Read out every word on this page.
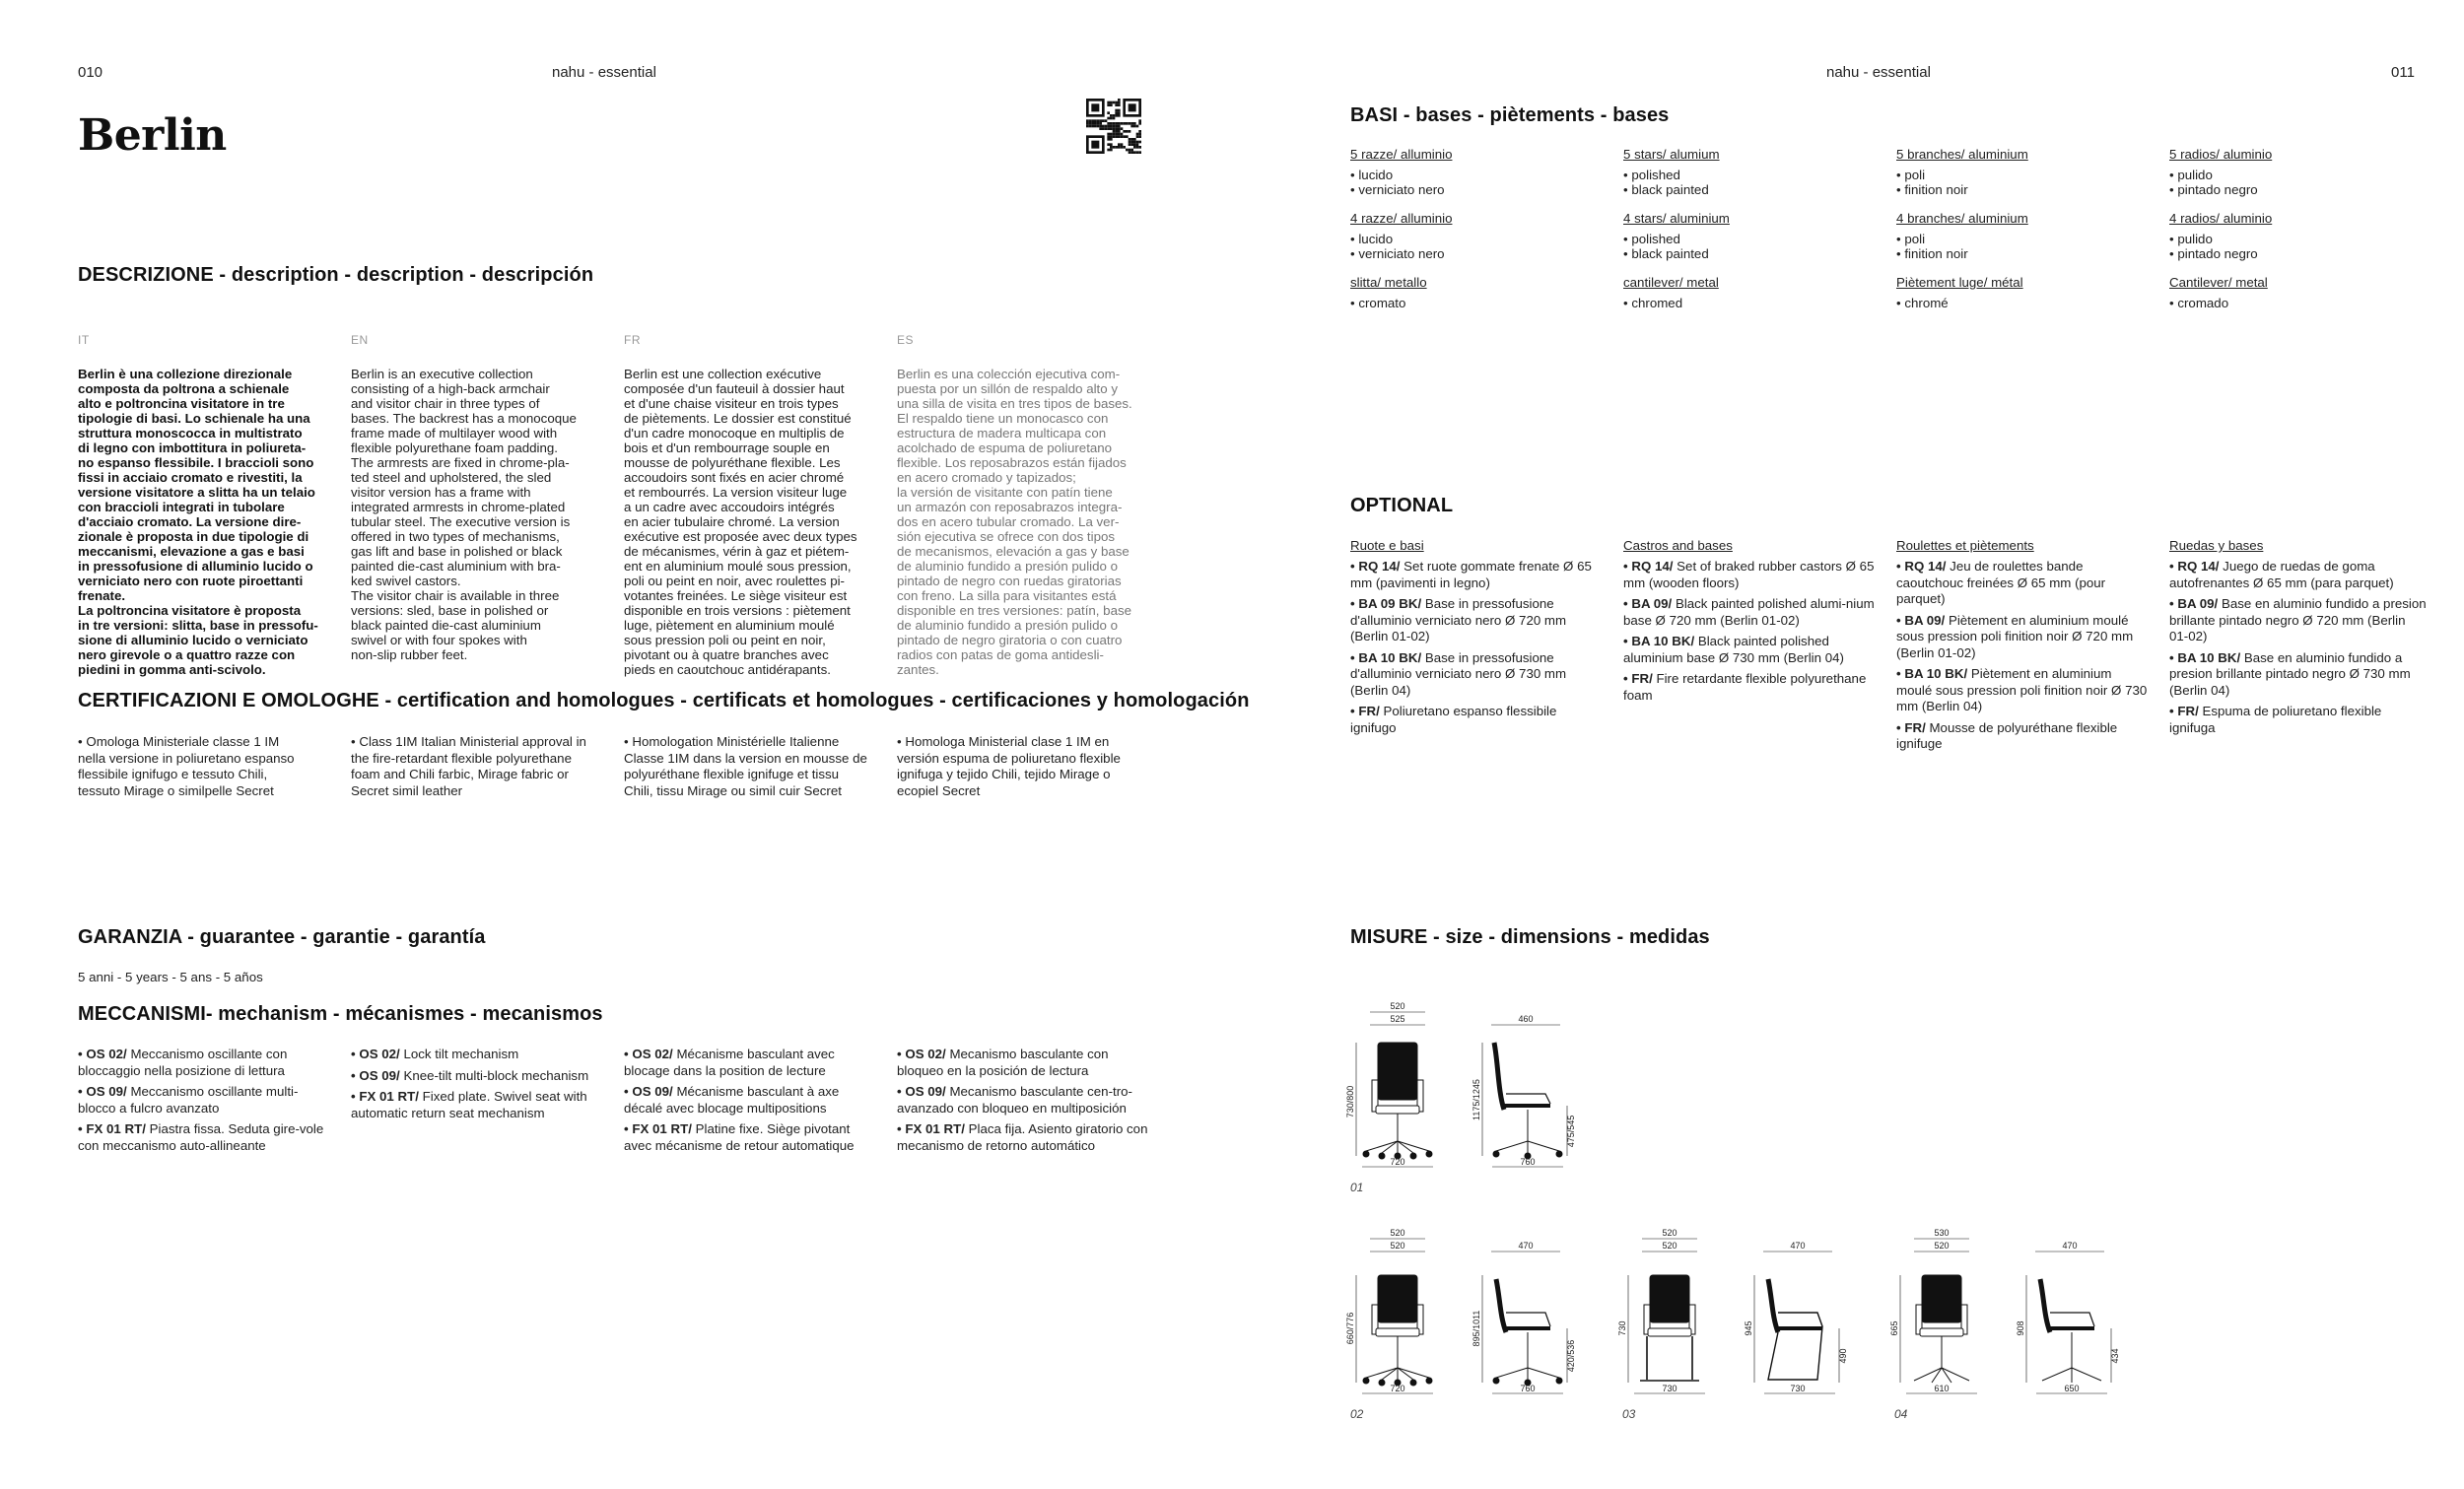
010	nahu - essential
Berlin
DESCRIZIONE - description - description - descripción
IT
Berlin è una collezione direzionale
composta da poltrona a schienale
alto e poltroncina visitatore in tre
tipologie di basi. Lo schienale ha una
struttura monoscocca in multistrato
di legno con imbottitura in poliureta-
no espanso flessibile. I braccioli sono
fissi in acciaio cromato e rivestiti, la
versione visitatore a slitta ha un telaio
con braccioli integrati in tubolare
d'acciaio cromato. La versione dire-
zionale è proposta in due tipologie di
meccanismi, elevazione a gas e basi
in pressofusione di alluminio lucido o
verniciato nero con ruote piroettanti
frenate.
La poltroncina visitatore è proposta
in tre versioni: slitta, base in pressofu-
sione di alluminio lucido o verniciato
nero girevole o a quattro razze con
piedini in gomma anti-scivolo.
EN
Berlin is an executive collection
consisting of a high-back armchair
and visitor chair in three types of
bases. The backrest has a monocoque
frame made of multilayer wood with
flexible polyurethane foam padding.
The armrests are fixed in chrome-pla-
ted steel and upholstered, the sled
visitor version has a frame with
integrated armrests in chrome-plated
tubular steel. The executive version is
offered in two types of mechanisms,
gas lift and base in polished or black
painted die-cast aluminium with bra-
ked swivel castors.
The visitor chair is available in three
versions: sled, base in polished or
black painted die-cast aluminium
swivel or with four spokes with
non-slip rubber feet.
FR
Berlin est une collection exécutive
composée d'un fauteuil à dossier haut
et d'une chaise visiteur en trois types
de piètements. Le dossier est constitué
d'un cadre monocoque en multiplis de
bois et d'un rembourrage souple en
mousse de polyuréthane flexible. Les
accoudoirs sont fixés en acier chromé
et rembourrés. La version visiteur luge
a un cadre avec accoudoirs intégrés
en acier tubulaire chromé. La version
exécutive est proposée avec deux types
de mécanismes, vérin à gaz et piétem-
ent en aluminium moulé sous pression,
poli ou peint en noir, avec roulettes pi-
votantes freinées. Le siège visiteur est
disponible en trois versions : piètement
luge, piètement en aluminium moulé
sous pression poli ou peint en noir,
pivotant ou à quatre branches avec
pieds en caoutchouc antidérapants.
ES
Berlin es una colección ejecutiva com-
puesta por un sillón de respaldo alto y
una silla de visita en tres tipos de bases.
El respaldo tiene un monocasco con
estructura de madera multicapa con
acolchado de espuma de poliuretano
flexible. Los reposabrazos están fijados
en acero cromado y tapizados;
la versión de visitante con patín tiene
un armazón con reposabrazos integra-
dos en acero tubular cromado. La ver-
sión ejecutiva se ofrece con dos tipos
de mecanismos, elevación a gas y base
de aluminio fundido a presión pulido o
pintado de negro con ruedas giratorias
con freno. La silla para visitantes está
disponible en tres versiones: patín, base
de aluminio fundido a presión pulido o
pintado de negro giratoria o con cuatro
radios con patas de goma antidesli-
zantes.
CERTIFICAZIONI E OMOLOGHE - certification and homologues - certificats et homologues - certificaciones y homologación
• Omologa Ministeriale classe 1 IM
nella versione in poliuretano espanso
flessibile ignifugo e tessuto Chili,
tessuto Mirage o similpelle Secret
• Class 1IM Italian Ministerial approval in
the fire-retardant flexible polyurethane
foam and Chili farbic, Mirage fabric or
Secret simil leather
• Homologation Ministérielle Italienne
Classe 1IM dans la version en mousse de
polyuréthane flexible ignifuge et tissu
Chili, tissu Mirage ou simil cuir Secret
• Homologa Ministerial clase 1 IM en
versión espuma de poliuretano flexible
ignifuga y tejido Chili, tejido Mirage o
ecopiel Secret
GARANZIA - guarantee - garantie - garantía
5 anni - 5 years - 5 ans - 5 años
MECCANISMI- mechanism - mécanismes - mecanismos
• OS 02/ Meccanismo oscillante con bloccaggio nella posizione di lettura
• OS 09/ Meccanismo oscillante multi-blocco a fulcro avanzato
• FX 01 RT/ Piastra fissa. Seduta gire-vole con meccanismo auto-allineante
• OS 02/ Lock tilt mechanism
• OS 09/ Knee-tilt multi-block mechanism
• FX 01 RT/ Fixed plate. Swivel seat with automatic return seat mechanism
• OS 02/ Mécanisme basculant avec blocage dans la position de lecture
• OS 09/ Mécanisme basculant à axe décalé avec blocage multipositions
• FX 01 RT/ Platine fixe. Siège pivotant avec mécanisme de retour automatique
• OS 02/ Mecanismo basculante con bloqueo en la posición de lectura
• OS 09/ Mecanismo basculante cen-tro-avanzado con bloqueo en multiposición
• FX 01 RT/ Placa fija. Asiento giratorio con mecanismo de retorno automático
nahu - essential	011
BASI - bases - piètements - bases
5 razze/ alluminio
• lucido
• verniciato nero
4 razze/ alluminio
• lucido
• verniciato nero
slitta/ metallo
• cromato
5 stars/ alumium
• polished
• black painted
4 stars/ aluminium
• polished
• black painted
cantilever/ metal
• chromed
5 branches/ aluminium
• poli
• finition noir
4 branches/ aluminium
• poli
• finition noir
Piètement luge/ métal
• chromé
5 radios/ aluminio
• pulido
• pintado negro
4 radios/ aluminio
• pulido
• pintado negro
Cantilever/ metal
• cromado
OPTIONAL
Ruote e basi
• RQ 14/ Set ruote gommate frenate Ø 65 mm (pavimenti in legno)
• BA 09 BK/ Base in pressofusione d'alluminio verniciato nero Ø 720 mm (Berlin 01-02)
• BA 10 BK/ Base in pressofusione d'alluminio verniciato nero Ø 730 mm (Berlin 04)
• FR/ Poliuretano espanso flessibile ignifugo
Castros and bases
• RQ 14/ Set of braked rubber castors Ø 65 mm (wooden floors)
• BA 09/ Black painted polished alumi-nium base Ø 720 mm (Berlin 01-02)
• BA 10 BK/ Black painted polished aluminium base Ø 730 mm (Berlin 04)
• FR/ Fire retardante flexible polyurethane foam
Roulettes et piètements
• RQ 14/ Jeu de roulettes bande caoutchouc freinées Ø 65 mm (pour parquet)
• BA 09/ Piètement en aluminium moulé sous pression poli finition noir Ø 720 mm (Berlin 01-02)
• BA 10 BK/ Piètement en aluminium moulé sous pression poli finition noir Ø 730 mm (Berlin 04)
• FR/ Mousse de polyuréthane flexible ignifuge
Ruedas y bases
• RQ 14/ Juego de ruedas de goma autofrenantes Ø 65 mm (para parquet)
• BA 09/ Base en aluminio fundido a presion brillante pintado negro Ø 720 mm (Berlin 01-02)
• BA 10 BK/ Base en aluminio fundido a presion brillante pintado negro Ø 730 mm (Berlin 04)
• FR/ Espuma de poliuretano flexible ignifuga
MISURE - size - dimensions - medidas
520
525
720
730/800
460
760
1175/1245
475/545
01
520
520
720
660/776
470
760
895/1011
420/536
02
520
520
730
730
470
730
945
490
03
530
520
610
665
470
650
908
434
04
